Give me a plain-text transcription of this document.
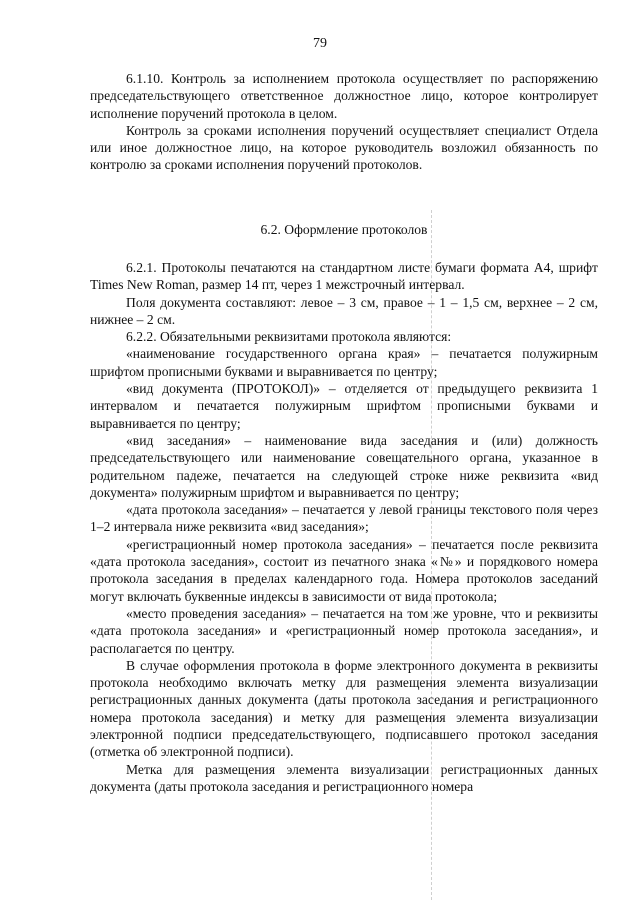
79

6.1.10. Контроль за исполнением протокола осуществляет по распоряжению председательствующего ответственное должностное лицо, которое контролирует исполнение поручений протокола в целом.

Контроль за сроками исполнения поручений осуществляет специалист Отдела или иное должностное лицо, на которое руководитель возложил обязанность по контролю за сроками исполнения поручений протоколов.

6.2. Оформление протоколов

6.2.1. Протоколы печатаются на стандартном листе бумаги формата А4, шрифт Times New Roman, размер 14 пт, через 1 межстрочный интервал.

Поля документа составляют: левое – 3 см, правое – 1 – 1,5 см, верхнее – 2 см, нижнее – 2 см.

6.2.2. Обязательными реквизитами протокола являются:

«наименование государственного органа края» – печатается полужирным шрифтом прописными буквами и выравнивается по центру;

«вид документа (ПРОТОКОЛ)» – отделяется от предыдущего реквизита 1 интервалом и печатается полужирным шрифтом прописными буквами и выравнивается по центру;

«вид заседания» – наименование вида заседания и (или) должность председательствующего или наименование совещательного органа, указанное в родительном падеже, печатается на следующей строке ниже реквизита «вид документа» полужирным шрифтом и выравнивается по центру;

«дата протокола заседания» – печатается у левой границы текстового поля через 1–2 интервала ниже реквизита «вид заседания»;

«регистрационный номер протокола заседания» – печатается после реквизита «дата протокола заседания», состоит из печатного знака «№» и порядкового номера протокола заседания в пределах календарного года. Номера протоколов заседаний могут включать буквенные индексы в зависимости от вида протокола;

«место проведения заседания» – печатается на том же уровне, что и реквизиты «дата протокола заседания» и «регистрационный номер протокола заседания», и располагается по центру.

В случае оформления протокола в форме электронного документа в реквизиты протокола необходимо включать метку для размещения элемента визуализации регистрационных данных документа (даты протокола заседания и регистрационного номера протокола заседания) и метку для размещения элемента визуализации электронной подписи председательствующего, подписавшего протокол заседания (отметка об электронной подписи).

Метка для размещения элемента визуализации регистрационных данных документа (даты протокола заседания и регистрационного номера
